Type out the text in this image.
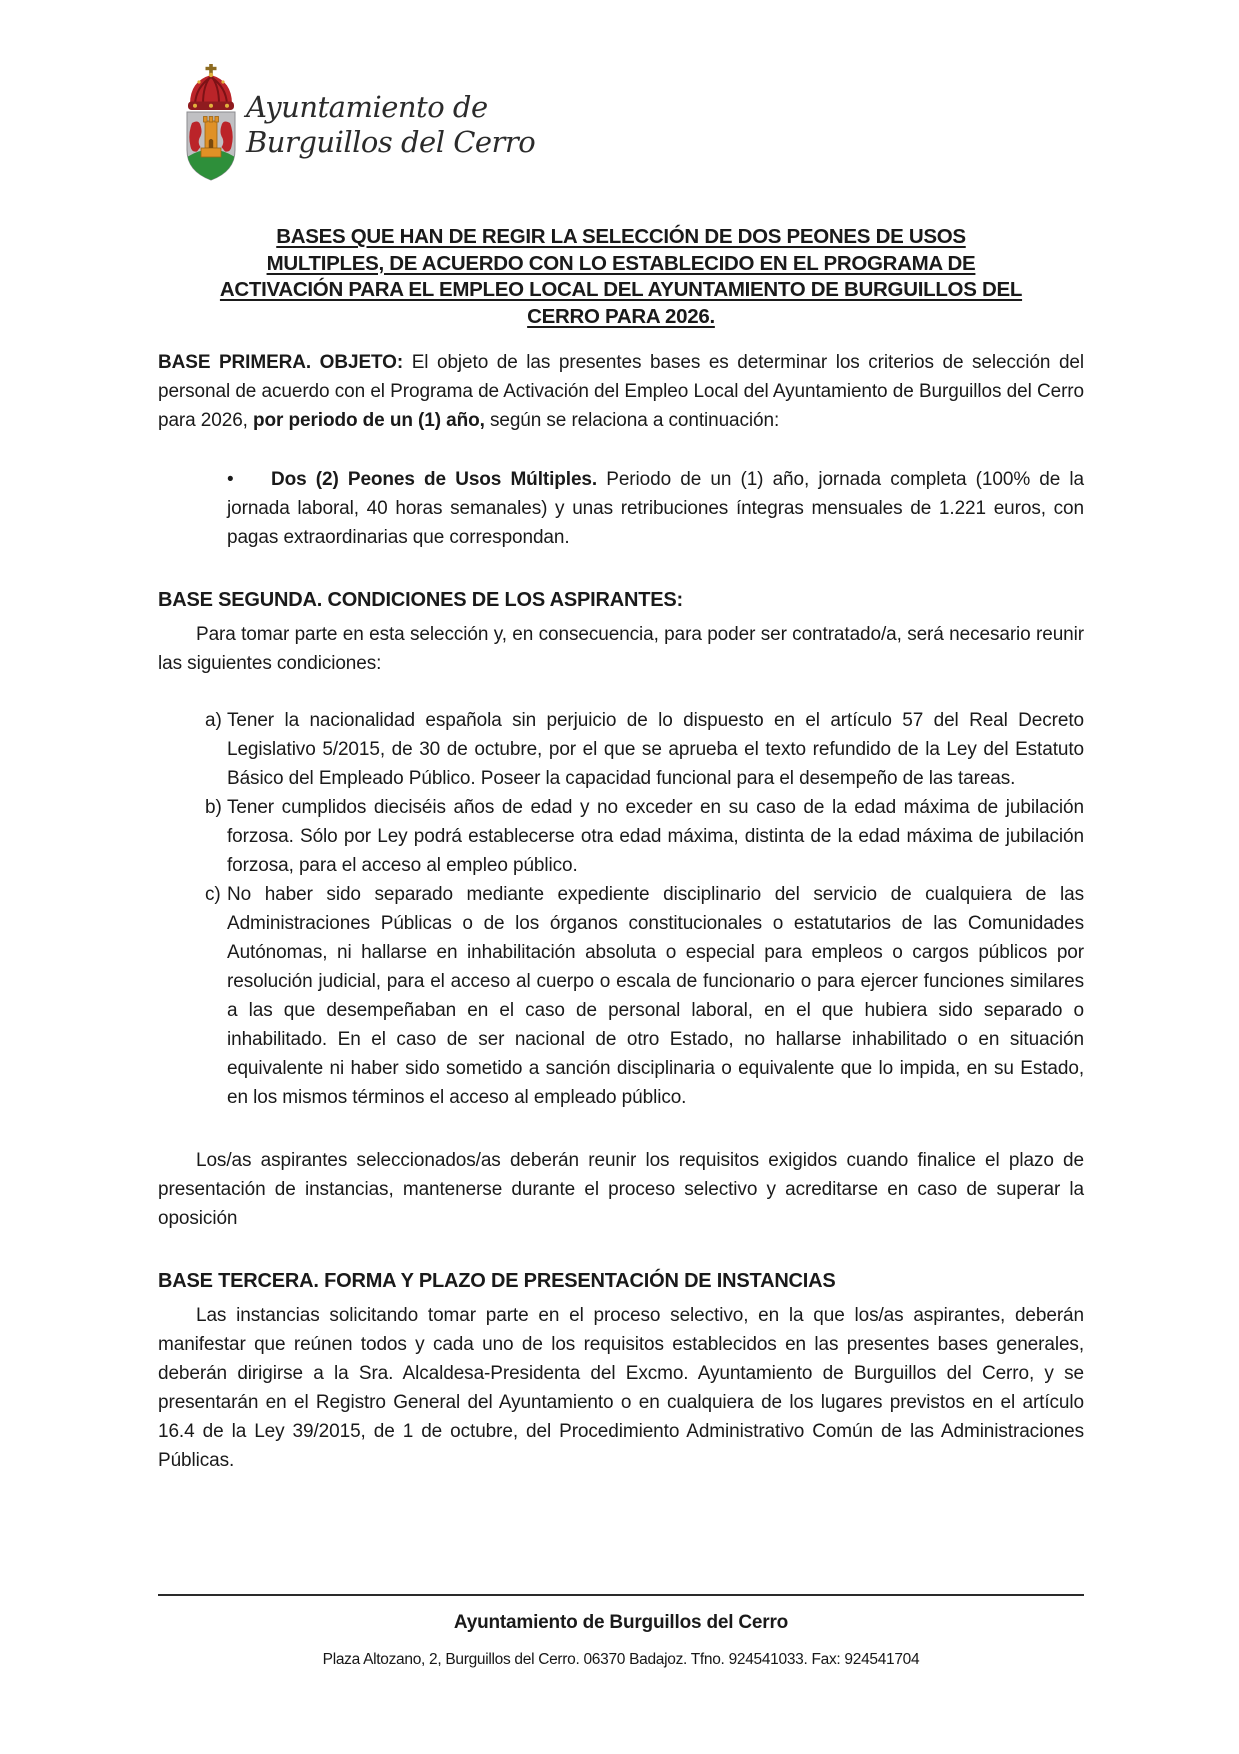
Ayuntamiento de
Burguillos del Cerro
BASES QUE HAN DE REGIR LA SELECCIÓN DE DOS PEONES DE USOS
MULTIPLES, DE ACUERDO CON LO ESTABLECIDO EN EL PROGRAMA DE
ACTIVACIÓN PARA EL EMPLEO LOCAL DEL AYUNTAMIENTO DE BURGUILLOS DEL
CERRO PARA 2026.

BASE PRIMERA. OBJETO: El objeto de las presentes bases es determinar los criterios de selección del personal de acuerdo con el Programa de Activación del Empleo Local del Ayuntamiento de Burguillos del Cerro para 2026, por periodo de un (1) año, según se relaciona a continuación:

• Dos (2) Peones de Usos Múltiples. Periodo de un (1) año, jornada completa (100% de la jornada laboral, 40 horas semanales) y unas retribuciones íntegras mensuales de 1.221 euros, con pagas extraordinarias que correspondan.

BASE SEGUNDA. CONDICIONES DE LOS ASPIRANTES:

Para tomar parte en esta selección y, en consecuencia, para poder ser contratado/a, será necesario reunir las siguientes condiciones:

a) Tener la nacionalidad española sin perjuicio de lo dispuesto en el artículo 57 del Real Decreto Legislativo 5/2015, de 30 de octubre, por el que se aprueba el texto refundido de la Ley del Estatuto Básico del Empleado Público. Poseer la capacidad funcional para el desempeño de las tareas.
b) Tener cumplidos dieciséis años de edad y no exceder en su caso de la edad máxima de jubilación forzosa. Sólo por Ley podrá establecerse otra edad máxima, distinta de la edad máxima de jubilación forzosa, para el acceso al empleo público.
c) No haber sido separado mediante expediente disciplinario del servicio de cualquiera de las Administraciones Públicas o de los órganos constitucionales o estatutarios de las Comunidades Autónomas, ni hallarse en inhabilitación absoluta o especial para empleos o cargos públicos por resolución judicial, para el acceso al cuerpo o escala de funcionario o para ejercer funciones similares a las que desempeñaban en el caso de personal laboral, en el que hubiera sido separado o inhabilitado. En el caso de ser nacional de otro Estado, no hallarse inhabilitado o en situación equivalente ni haber sido sometido a sanción disciplinaria o equivalente que lo impida, en su Estado, en los mismos términos el acceso al empleado público.

Los/as aspirantes seleccionados/as deberán reunir los requisitos exigidos cuando finalice el plazo de presentación de instancias, mantenerse durante el proceso selectivo y acreditarse en caso de superar la oposición

BASE TERCERA. FORMA Y PLAZO DE PRESENTACIÓN DE INSTANCIAS

Las instancias solicitando tomar parte en el proceso selectivo, en la que los/as aspirantes, deberán manifestar que reúnen todos y cada uno de los requisitos establecidos en las presentes bases generales, deberán dirigirse a la Sra. Alcaldesa-Presidenta del Excmo. Ayuntamiento de Burguillos del Cerro, y se presentarán en el Registro General del Ayuntamiento o en cualquiera de los lugares previstos en el artículo 16.4 de la Ley 39/2015, de 1 de octubre, del Procedimiento Administrativo Común de las Administraciones Públicas.

Ayuntamiento de Burguillos del Cerro
Plaza Altozano, 2, Burguillos del Cerro. 06370 Badajoz. Tfno. 924541033. Fax: 924541704
